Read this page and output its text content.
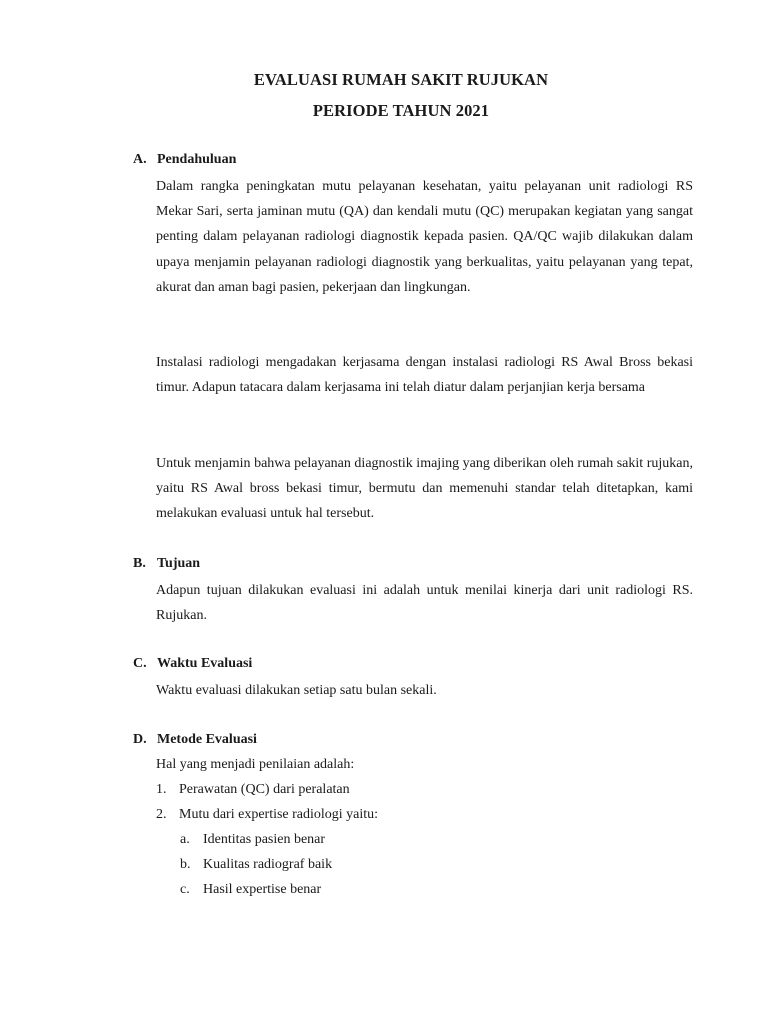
EVALUASI RUMAH SAKIT RUJUKAN
PERIODE TAHUN 2021
A. Pendahuluan

Dalam rangka peningkatan mutu pelayanan kesehatan, yaitu pelayanan unit radiologi RS Mekar Sari, serta jaminan mutu (QA) dan kendali mutu (QC) merupakan kegiatan yang sangat penting dalam pelayanan radiologi diagnostik kepada pasien. QA/QC wajib dilakukan dalam upaya menjamin pelayanan radiologi diagnostik yang berkualitas, yaitu pelayanan yang tepat, akurat dan aman bagi pasien, pekerjaan dan lingkungan.

Instalasi radiologi mengadakan kerjasama dengan instalasi radiologi RS Awal Bross bekasi timur. Adapun tatacara dalam kerjasama ini telah diatur dalam perjanjian kerja bersama

Untuk menjamin bahwa pelayanan diagnostik imajing yang diberikan oleh rumah sakit rujukan, yaitu RS Awal bross bekasi timur, bermutu dan memenuhi standar telah ditetapkan, kami melakukan evaluasi untuk hal tersebut.

B. Tujuan

Adapun tujuan dilakukan evaluasi ini adalah untuk menilai kinerja dari unit radiologi RS. Rujukan.

C. Waktu Evaluasi

Waktu evaluasi dilakukan setiap satu bulan sekali.

D. Metode Evaluasi
Hal yang menjadi penilaian adalah:
1. Perawatan (QC) dari peralatan
2. Mutu dari expertise radiologi yaitu:
a. Identitas pasien benar
b. Kualitas radiograf baik
c. Hasil expertise benar
